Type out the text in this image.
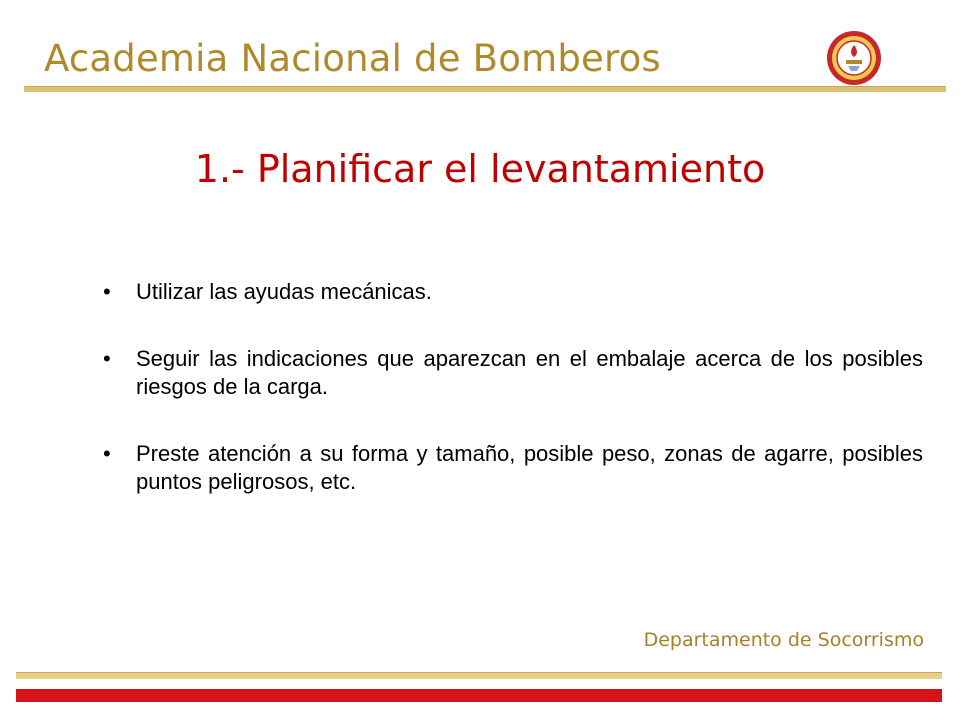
Academia Nacional de Bomberos
1.- Planificar el levantamiento
• Utilizar las ayudas mecánicas.
• Seguir las indicaciones que aparezcan en el embalaje acerca de los posibles riesgos de la carga.
• Preste atención a su forma y tamaño, posible peso, zonas de agarre, posibles puntos peligrosos, etc.
Departamento de Socorrismo
